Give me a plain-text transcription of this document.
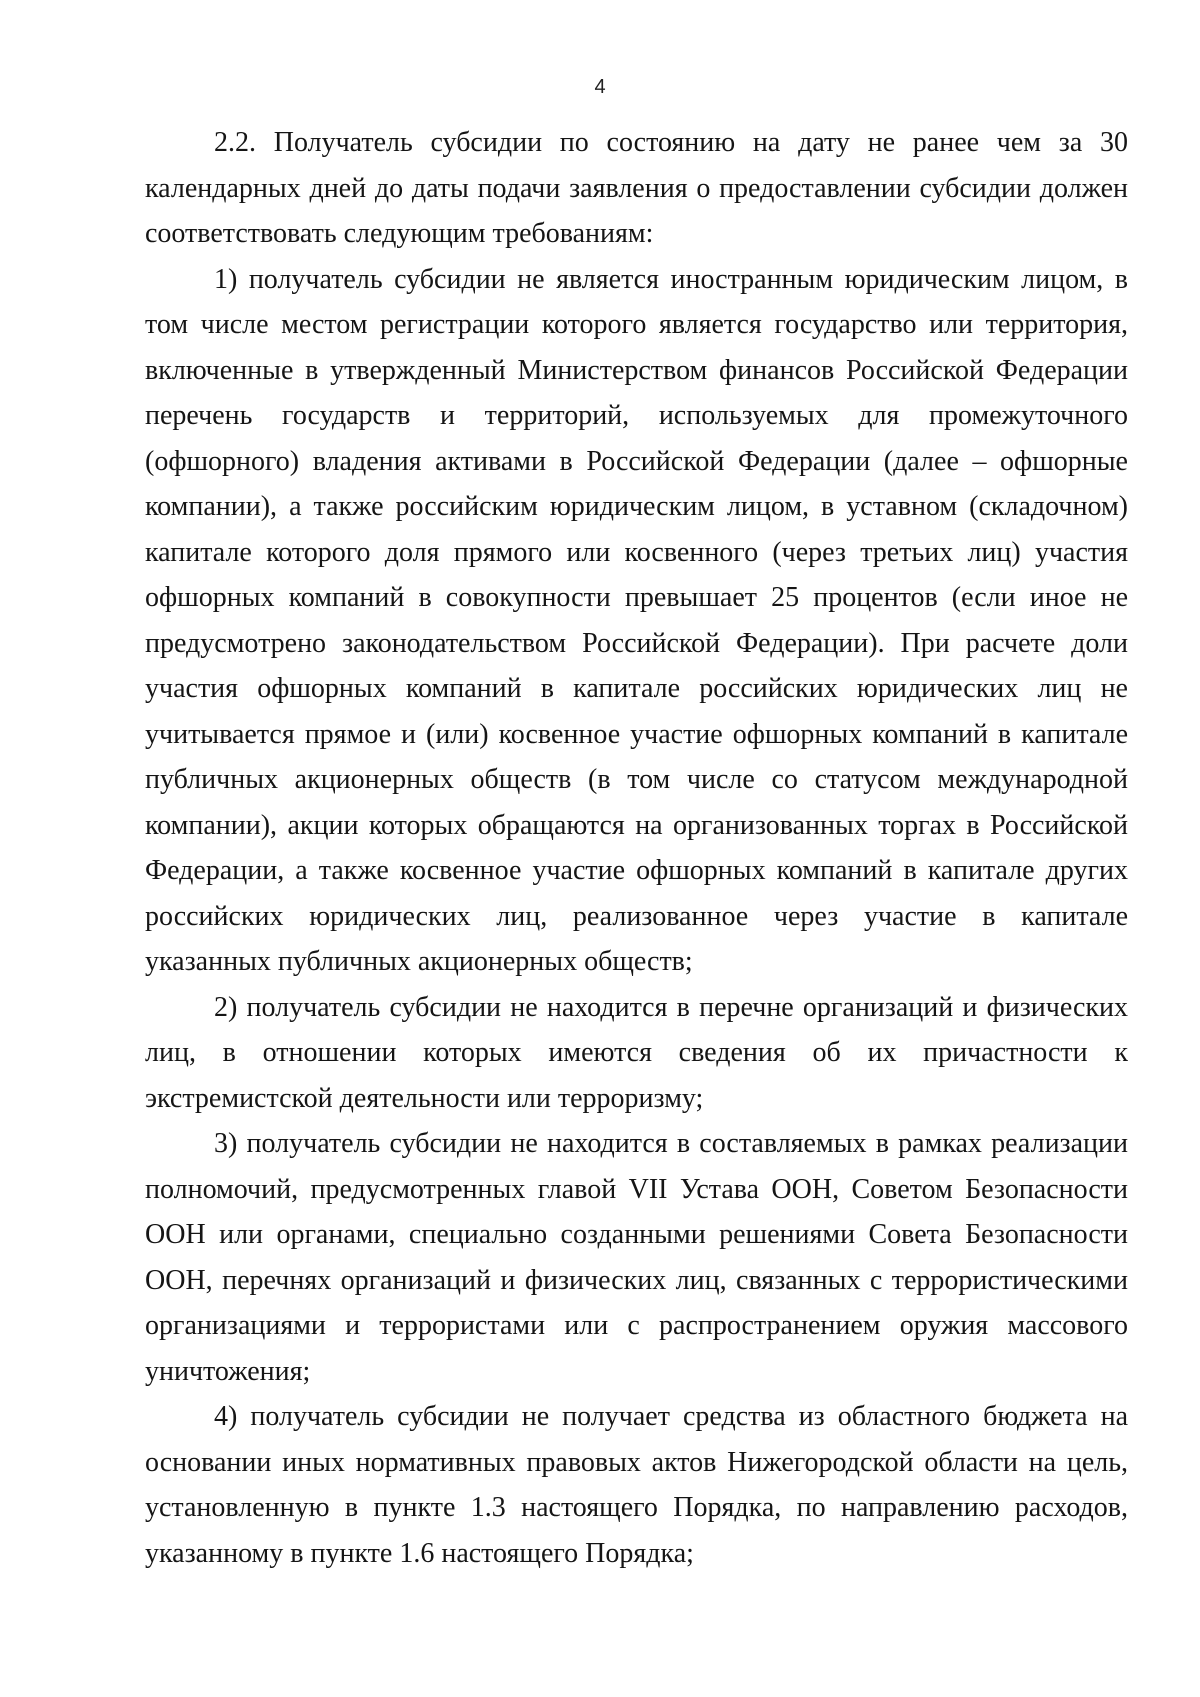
4

2.2. Получатель субсидии по состоянию на дату не ранее чем за 30 календарных дней до даты подачи заявления о предоставлении субсидии должен соответствовать следующим требованиям:

1) получатель субсидии не является иностранным юридическим лицом, в том числе местом регистрации которого является государство или территория, включенные в утвержденный Министерством финансов Российской Федерации перечень государств и территорий, используемых для промежуточного (офшорного) владения активами в Российской Федерации (далее – офшорные компании), а также российским юридическим лицом, в уставном (складочном) капитале которого доля прямого или косвенного (через третьих лиц) участия офшорных компаний в совокупности превышает 25 процентов (если иное не предусмотрено законодательством Российской Федерации). При расчете доли участия офшорных компаний в капитале российских юридических лиц не учитывается прямое и (или) косвенное участие офшорных компаний в капитале публичных акционерных обществ (в том числе со статусом международной компании), акции которых обращаются на организованных торгах в Российской Федерации, а также косвенное участие офшорных компаний в капитале других российских юридических лиц, реализованное через участие в капитале указанных публичных акционерных обществ;

2) получатель субсидии не находится в перечне организаций и физических лиц, в отношении которых имеются сведения об их причастности к экстремистской деятельности или терроризму;

3) получатель субсидии не находится в составляемых в рамках реализации полномочий, предусмотренных главой VII Устава ООН, Советом Безопасности ООН или органами, специально созданными решениями Совета Безопасности ООН, перечнях организаций и физических лиц, связанных с террористическими организациями и террористами или с распространением оружия массового уничтожения;

4) получатель субсидии не получает средства из областного бюджета на основании иных нормативных правовых актов Нижегородской области на цель, установленную в пункте 1.3 настоящего Порядка, по направлению расходов, указанному в пункте 1.6 настоящего Порядка;
